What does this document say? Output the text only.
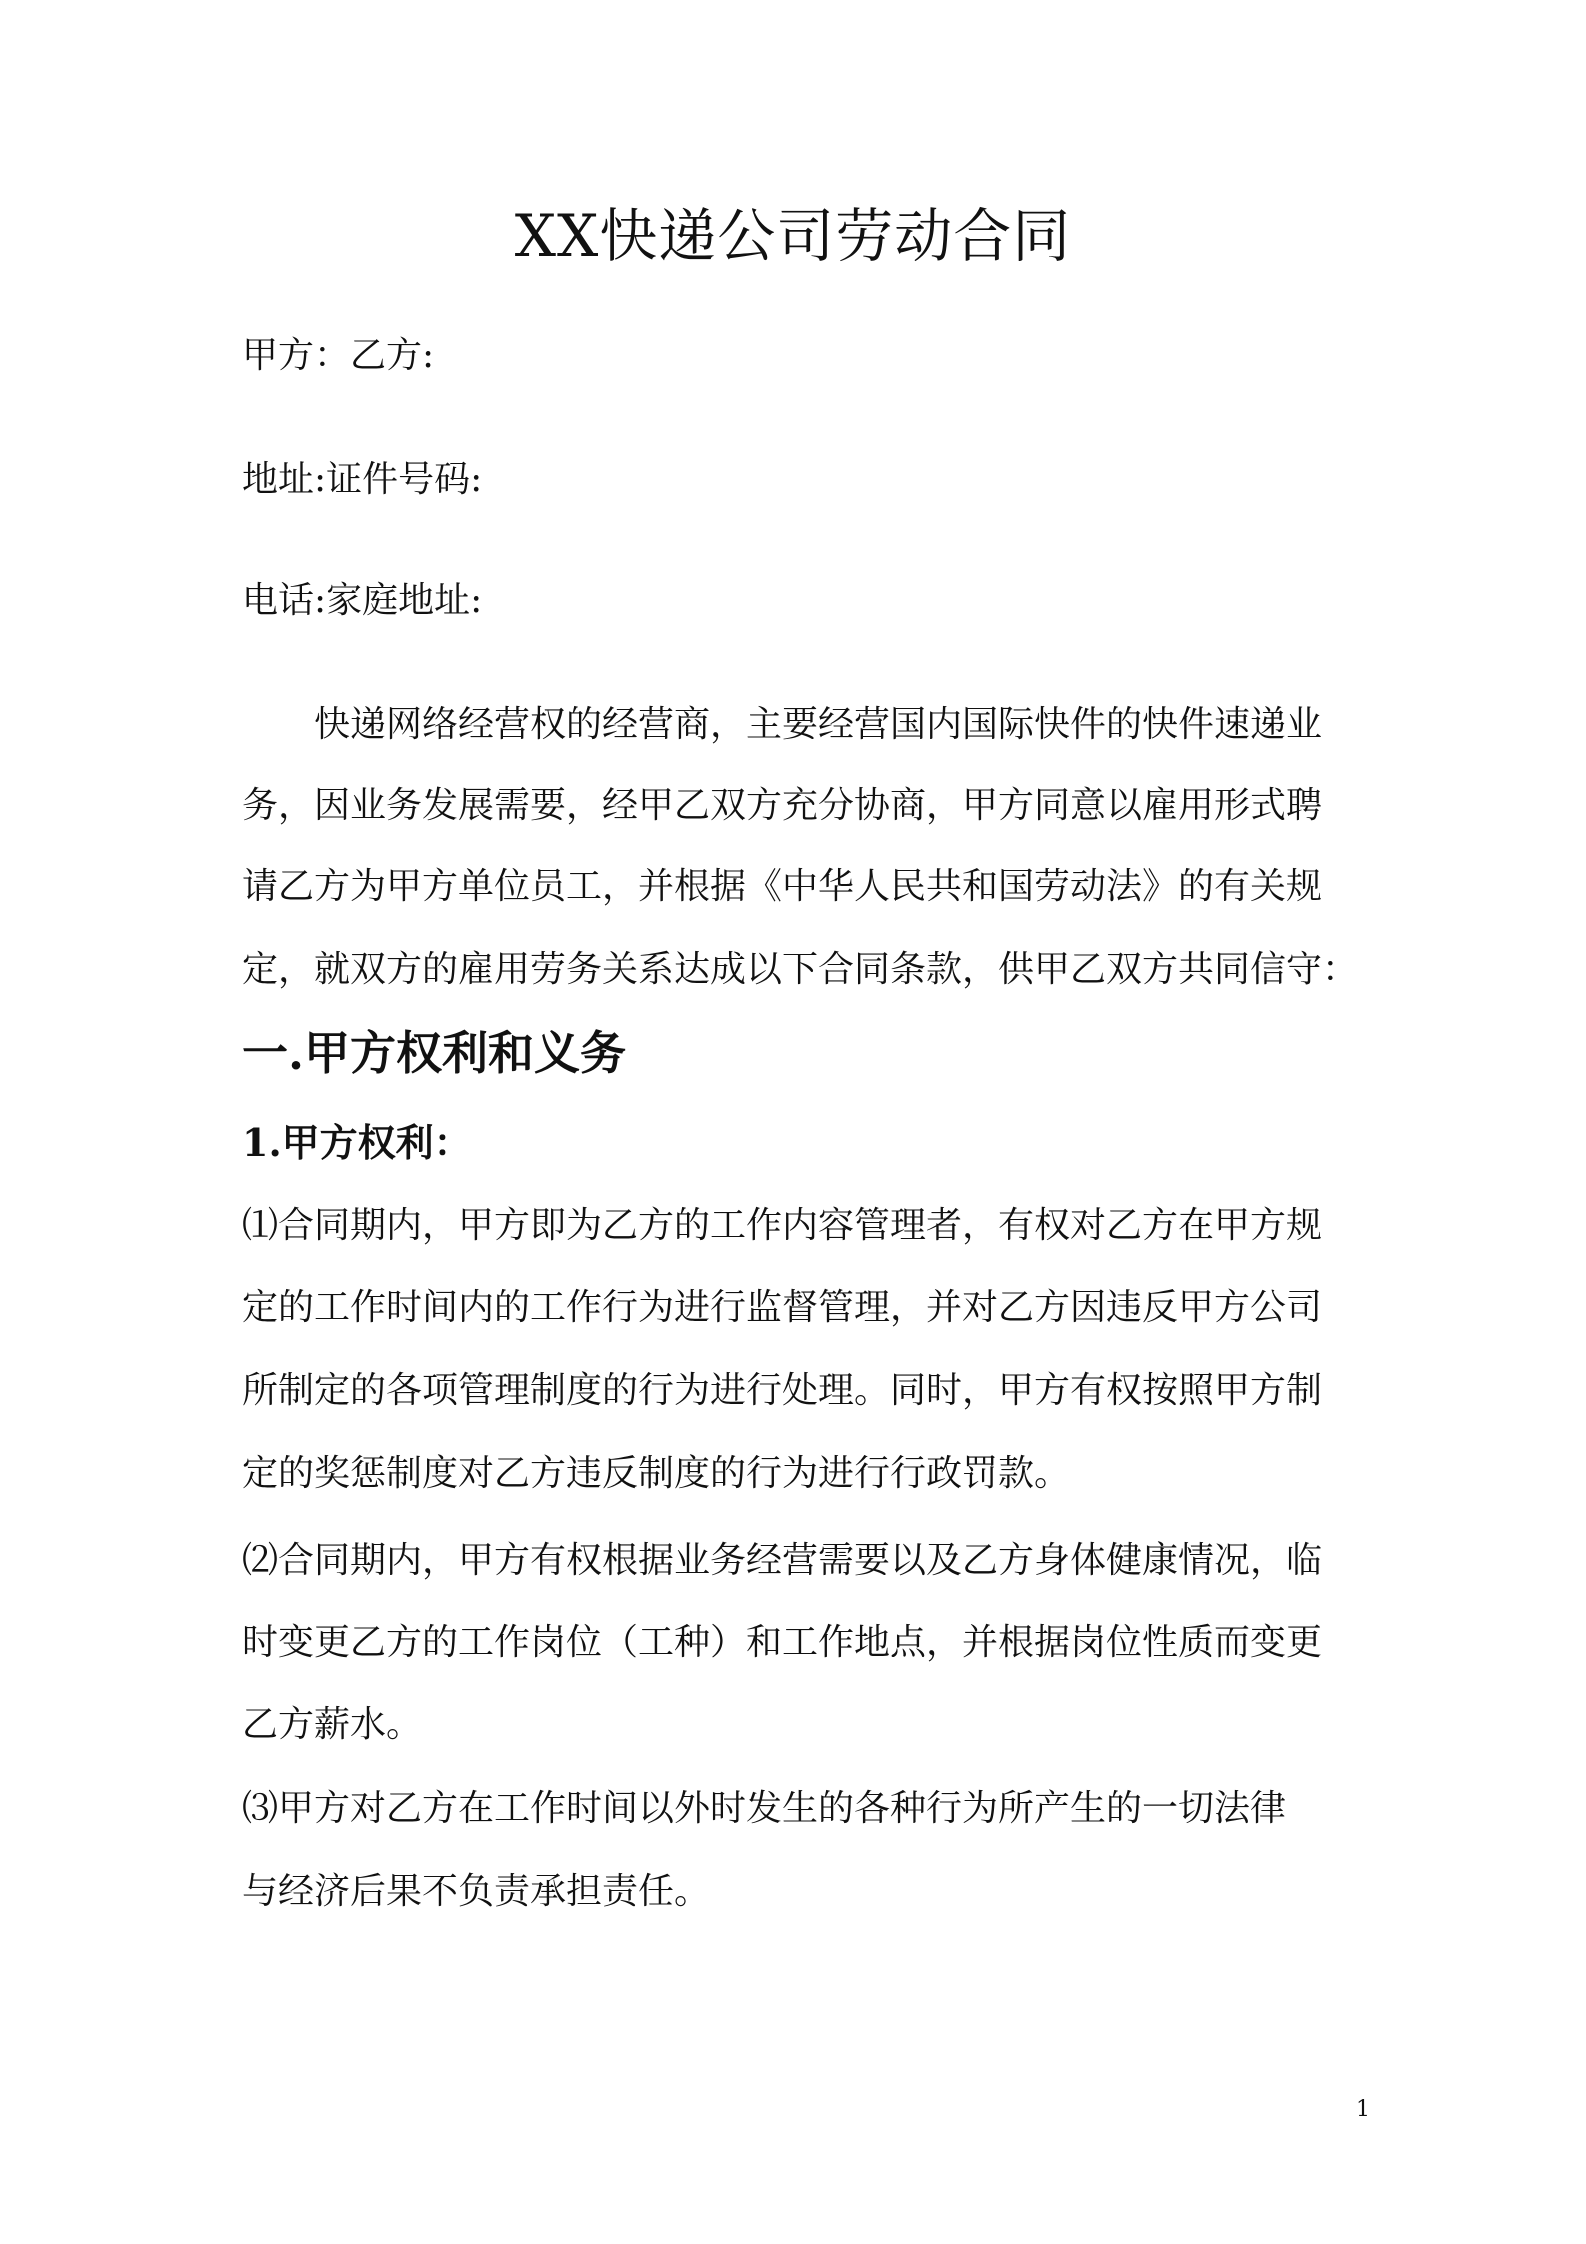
XX快递公司劳动合同
甲方：乙方:
地址:证件号码:
电话:家庭地址:
　　快递网络经营权的经营商，主要经营国内国际快件的快件速递业
务，因业务发展需要，经甲乙双方充分协商，甲方同意以雇用形式聘
请乙方为甲方单位员工，并根据《中华人民共和国劳动法》的有关规
定，就双方的雇用劳务关系达成以下合同条款，供甲乙双方共同信守：
一.甲方权利和义务
1.甲方权利：
⑴合同期内，甲方即为乙方的工作内容管理者，有权对乙方在甲方规
定的工作时间内的工作行为进行监督管理，并对乙方因违反甲方公司
所制定的各项管理制度的行为进行处理。同时，甲方有权按照甲方制
定的奖惩制度对乙方违反制度的行为进行行政罚款。
⑵合同期内，甲方有权根据业务经营需要以及乙方身体健康情况，临
时变更乙方的工作岗位（工种）和工作地点，并根据岗位性质而变更
乙方薪水。
⑶甲方对乙方在工作时间以外时发生的各种行为所产生的一切法律
与经济后果不负责承担责任。
1
